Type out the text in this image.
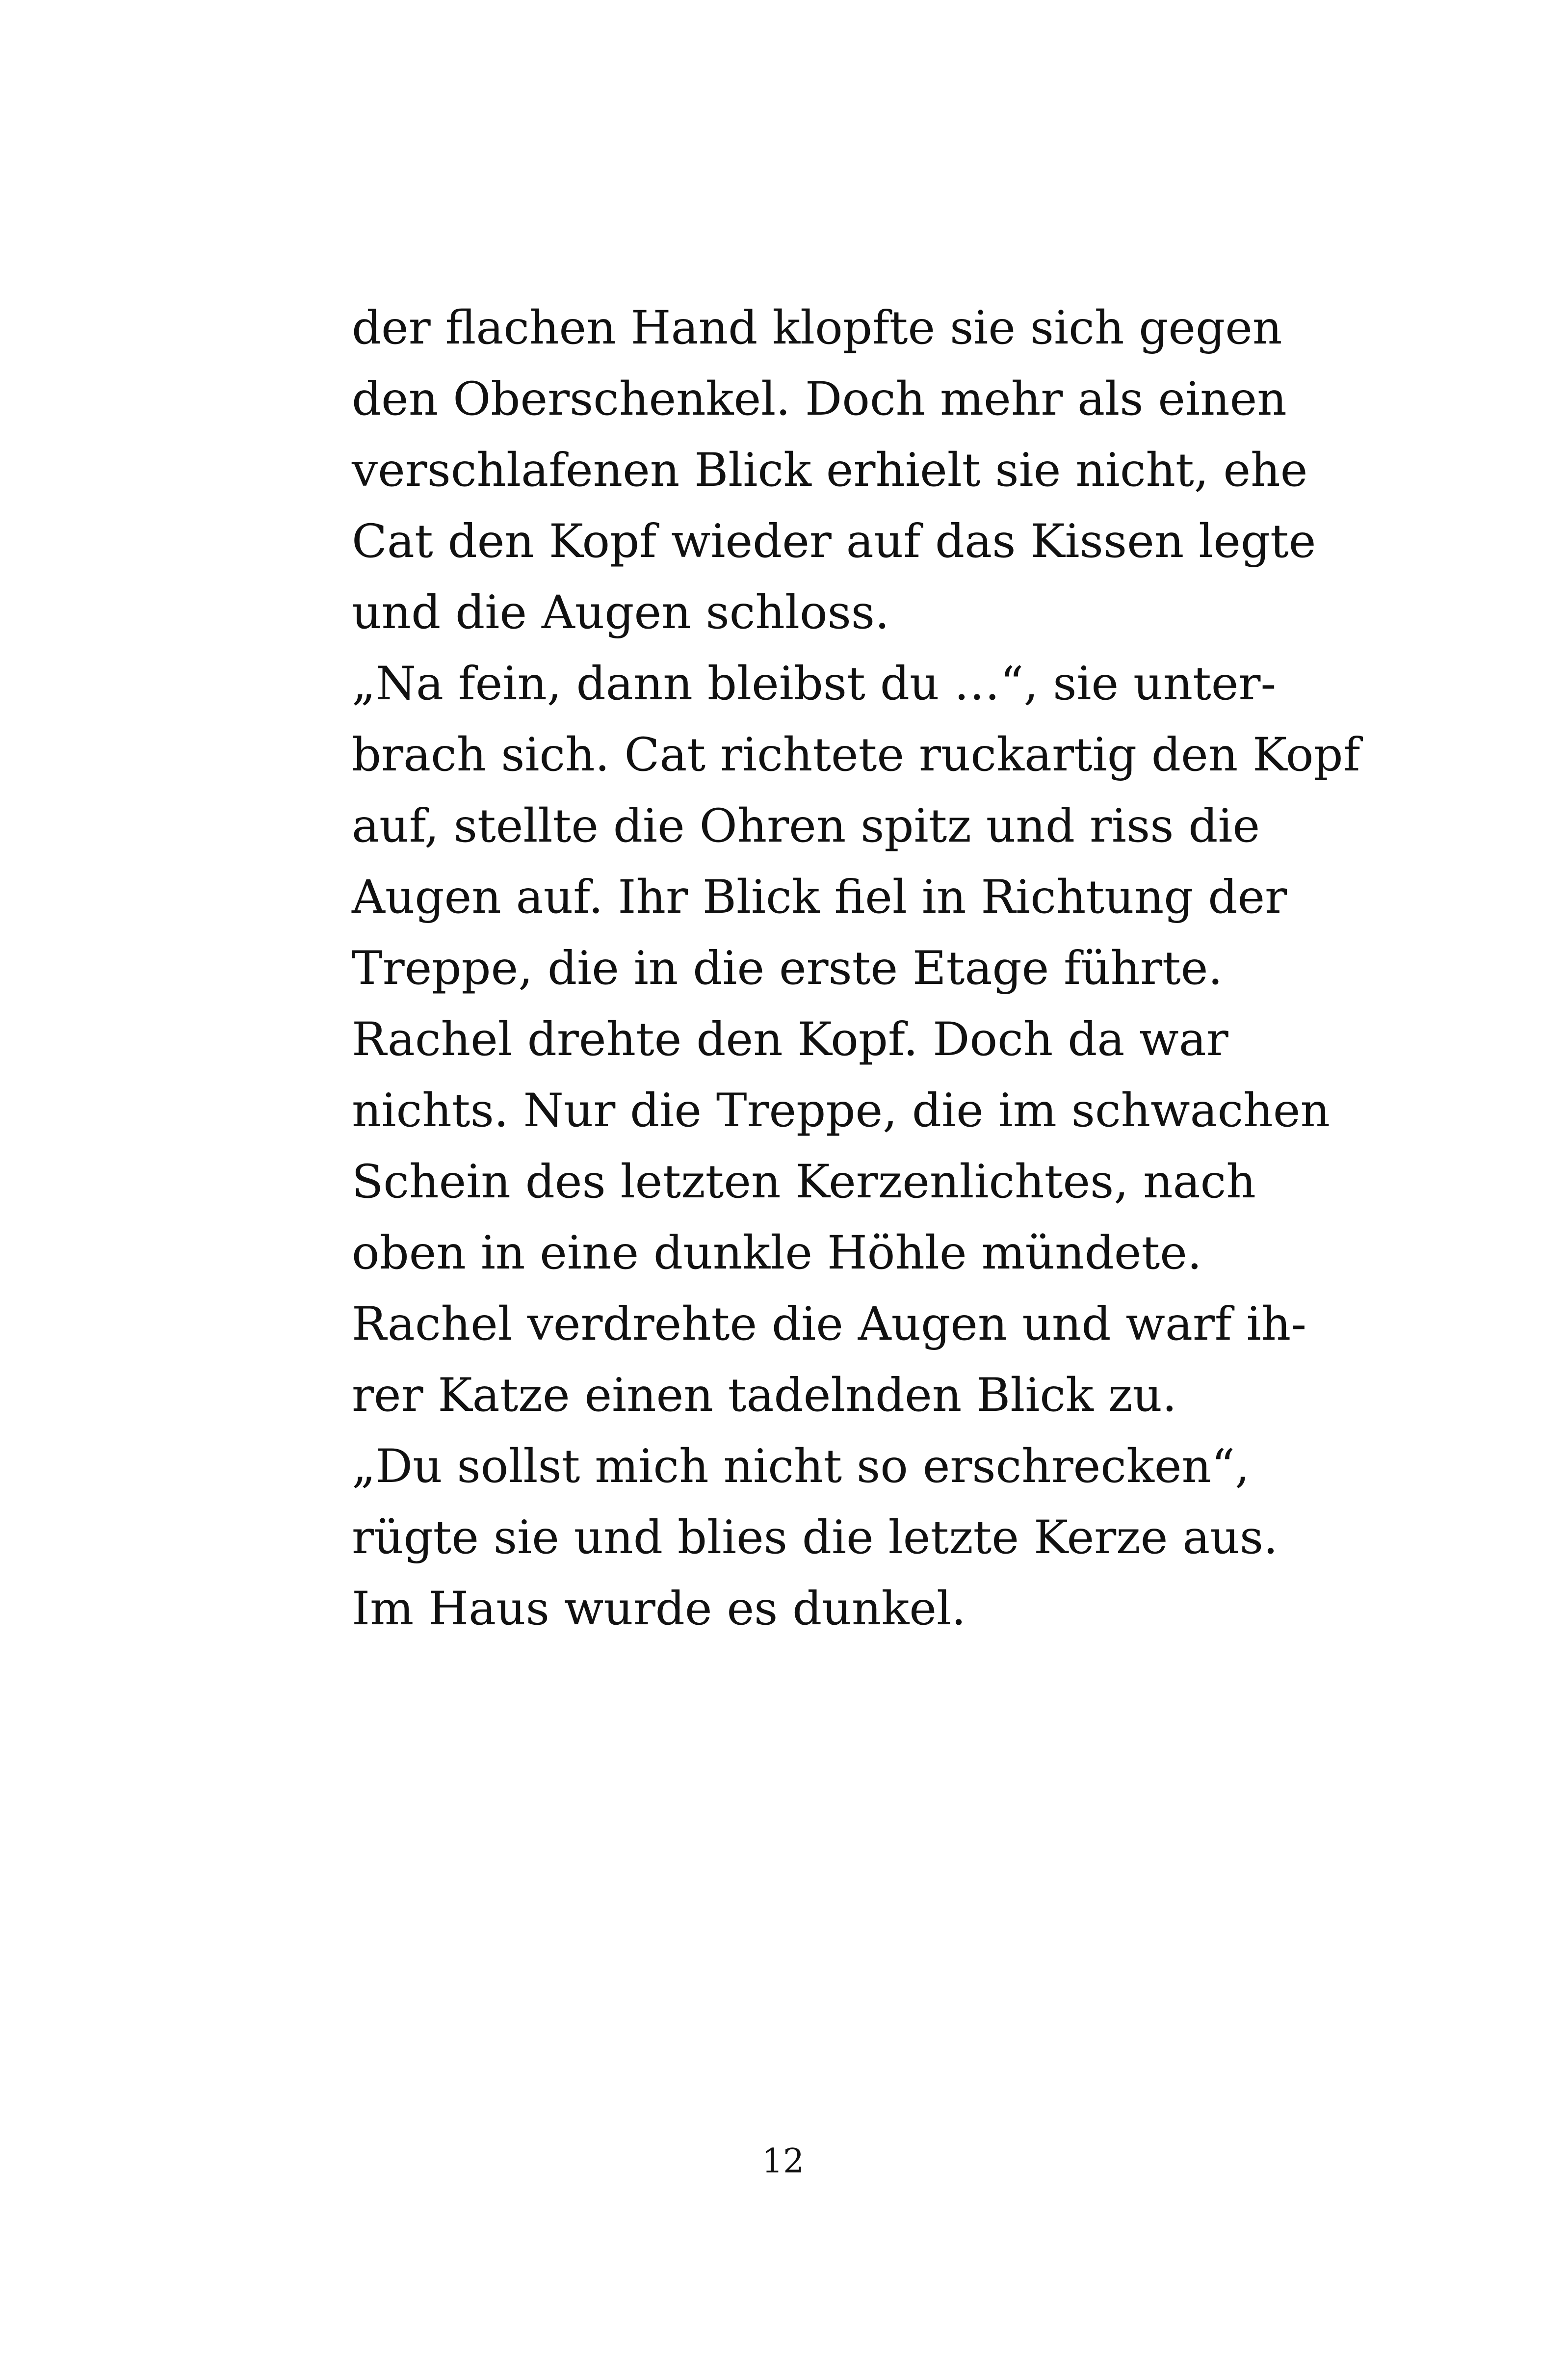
der flachen Hand klopfte sie sich gegen
den Oberschenkel. Doch mehr als einen
verschlafenen Blick erhielt sie nicht, ehe
Cat den Kopf wieder auf das Kissen legte
und die Augen schloss.
„Na fein, dann bleibst du …“, sie unter-
brach sich. Cat richtete ruckartig den Kopf
auf, stellte die Ohren spitz und riss die
Augen auf. Ihr Blick fiel in Richtung der
Treppe, die in die erste Etage führte.
Rachel drehte den Kopf. Doch da war
nichts. Nur die Treppe, die im schwachen
Schein des letzten Kerzenlichtes, nach
oben in eine dunkle Höhle mündete.
Rachel verdrehte die Augen und warf ih-
rer Katze einen tadelnden Blick zu.
„Du sollst mich nicht so erschrecken“,
rügte sie und blies die letzte Kerze aus.
Im Haus wurde es dunkel.
12
